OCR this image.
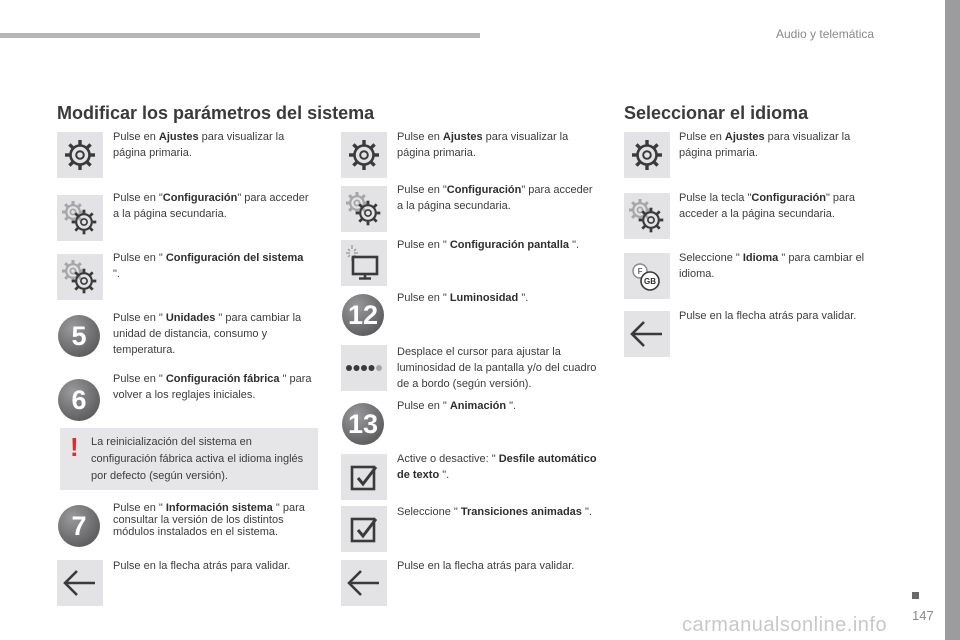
Audio y telemática
Modificar los parámetros del sistema	Seleccionar el idioma
Pulse en Ajustes para visualizar la página primaria.
Pulse en "Configuración" para acceder a la página secundaria.
Pulse en " Configuración del sistema ".
5
Pulse en " Unidades " para cambiar la unidad de distancia, consumo y temperatura.
6
Pulse en " Configuración fábrica " para volver a los reglajes iniciales.
! La reinicialización del sistema en configuración fábrica activa el idioma inglés por defecto (según versión).
7
Pulse en " Información sistema " para consultar la versión de los distintos módulos instalados en el sistema.
Pulse en la flecha atrás para validar.
Pulse en Ajustes para visualizar la página primaria.
Pulse en "Configuración" para acceder a la página secundaria.
Pulse en " Configuración pantalla ".
12
Pulse en " Luminosidad ".
Desplace el cursor para ajustar la luminosidad de la pantalla y/o del cuadro de a bordo (según versión).
13
Pulse en " Animación ".
Active o desactive: " Desfile automático de texto ".
Seleccione " Transiciones animadas ".
Pulse en la flecha atrás para validar.
Pulse en Ajustes para visualizar la página primaria.
Pulse la tecla "Configuración" para acceder a la página secundaria.
F
GB
Seleccione " Idioma " para cambiar el idioma.
Pulse en la flecha atrás para validar.
147
carmanualsonline.info
